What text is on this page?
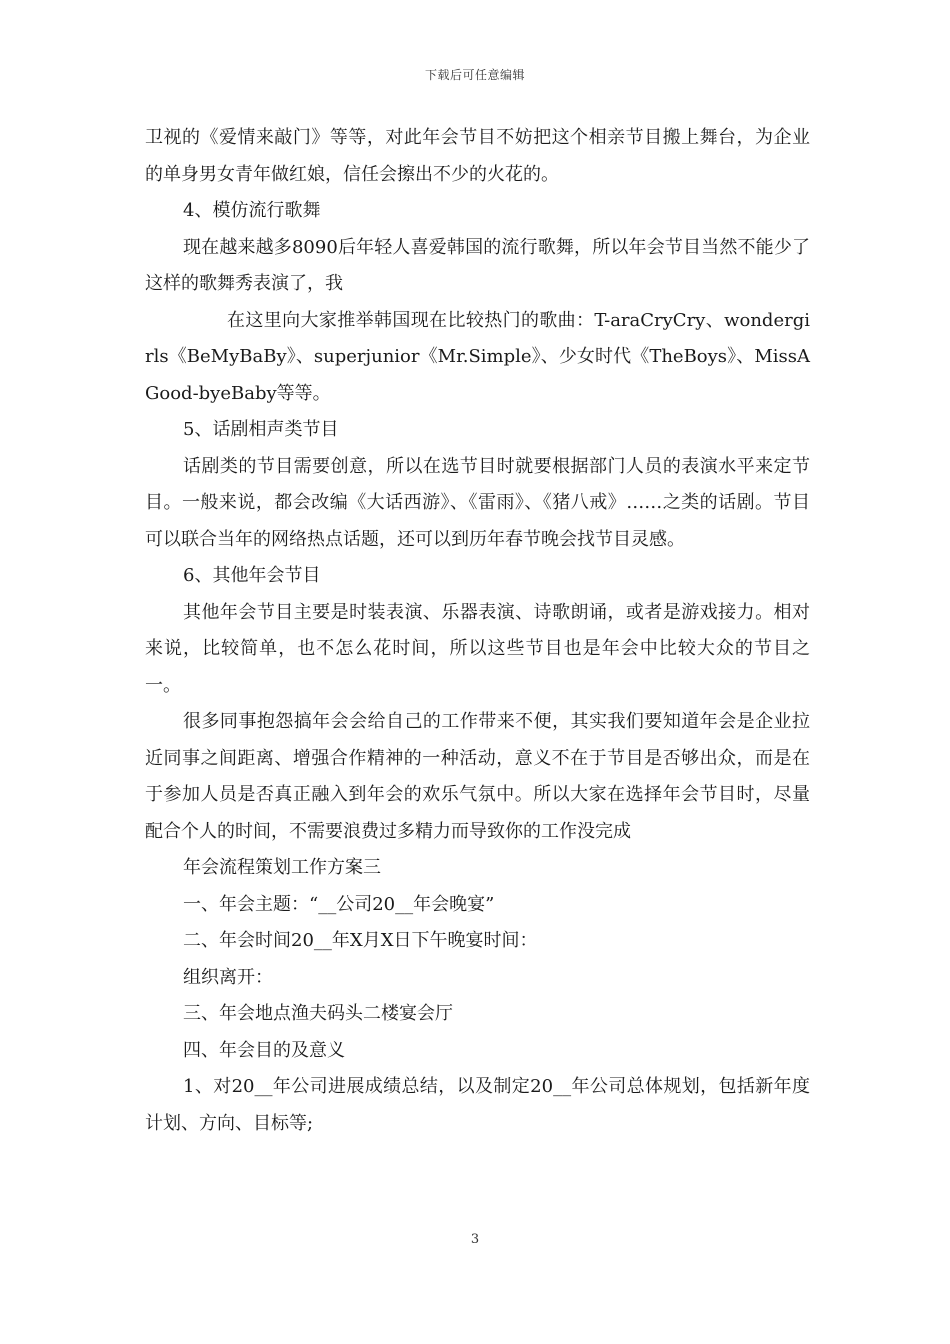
下载后可任意编辑

卫视的《爱情来敲门》等等，对此年会节目不妨把这个相亲节目搬上舞台，为企业的单身男女青年做红娘，信任会擦出不少的火花的。

4、模仿流行歌舞

现在越来越多8090后年轻人喜爱韩国的流行歌舞，所以年会节目当然不能少了这样的歌舞秀表演了，我

在这里向大家推举韩国现在比较热门的歌曲：T-araCryCry、wondergirls《BeMyBaBy》、superjunior《Mr.Simple》、少女时代《TheBoys》、MissAGood-byeBaby等等。

5、话剧相声类节目

话剧类的节目需要创意，所以在选节目时就要根据部门人员的表演水平来定节目。一般来说，都会改编《大话西游》、《雷雨》、《猪八戒》……之类的话剧。节目可以联合当年的网络热点话题，还可以到历年春节晚会找节目灵感。

6、其他年会节目

其他年会节目主要是时装表演、乐器表演、诗歌朗诵，或者是游戏接力。相对来说，比较简单，也不怎么花时间，所以这些节目也是年会中比较大众的节目之一。

很多同事抱怨搞年会会给自己的工作带来不便，其实我们要知道年会是企业拉近同事之间距离、增强合作精神的一种活动，意义不在于节目是否够出众，而是在于参加人员是否真正融入到年会的欢乐气氛中。所以大家在选择年会节目时，尽量配合个人的时间，不需要浪费过多精力而导致你的工作没完成

年会流程策划工作方案三

一、年会主题：“__公司20__年会晚宴”

二、年会时间20__年X月X日下午晚宴时间：

组织离开：

三、年会地点渔夫码头二楼宴会厅

四、年会目的及意义

1、对20__年公司进展成绩总结，以及制定20__年公司总体规划，包括新年度计划、方向、目标等;

3
